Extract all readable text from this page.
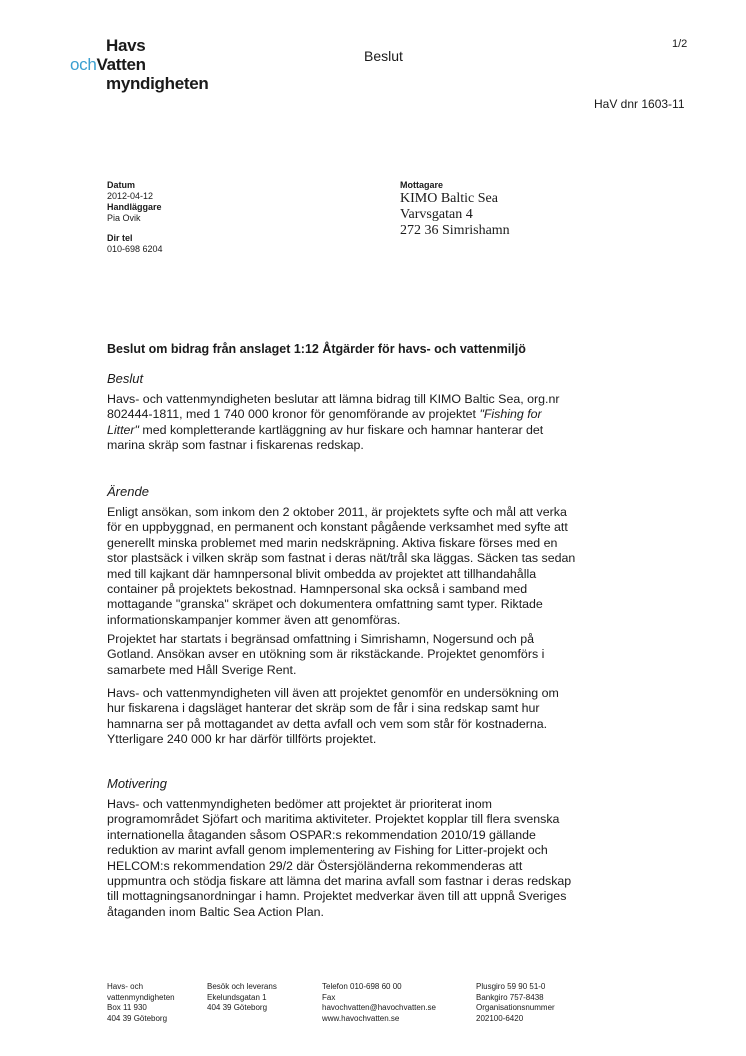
Havs
ochVatten
myndigheten
Beslut
1/2
HaV dnr 1603-11
Datum
2012-04-12
Handläggare
Pia Ovik
Dir tel
010-698 6204
Mottagare
KIMO Baltic Sea
Varvsgatan 4
272 36 Simrishamn
Beslut om bidrag från anslaget 1:12 Åtgärder för havs- och vattenmiljö
Beslut
Havs- och vattenmyndigheten beslutar att lämna bidrag till KIMO Baltic Sea, org.nr 802444-1811, med 1 740 000 kronor för genomförande av projektet "Fishing for Litter" med kompletterande kartläggning av hur fiskare och hamnar hanterar det marina skräp som fastnar i fiskarenas redskap.
Ärende
Enligt ansökan, som inkom den 2 oktober 2011, är projektets syfte och mål att verka för en uppbyggnad, en permanent och konstant pågående verksamhet med syfte att generellt minska problemet med marin nedskräpning. Aktiva fiskare förses med en stor plastsäck i vilken skräp som fastnat i deras nät/trål ska läggas. Säcken tas sedan med till kajkant där hamnpersonal blivit ombedda av projektet att tillhandahålla container på projektets bekostnad. Hamnpersonal ska också i samband med mottagande "granska" skräpet och dokumentera omfattning samt typer. Riktade informationskampanjer kommer även att genomföras.
Projektet har startats i begränsad omfattning i Simrishamn, Nogersund och på Gotland. Ansökan avser en utökning som är rikstäckande. Projektet genomförs i samarbete med Håll Sverige Rent.
Havs- och vattenmyndigheten vill även att projektet genomför en undersökning om hur fiskarena i dagsläget hanterar det skräp som de får i sina redskap samt hur hamnarna ser på mottagandet av detta avfall och vem som står för kostnaderna. Ytterligare 240 000 kr har därför tillförts projektet.
Motivering
Havs- och vattenmyndigheten bedömer att projektet är prioriterat inom programområdet Sjöfart och maritima aktiviteter. Projektet kopplar till flera svenska internationella åtaganden såsom OSPAR:s rekommendation 2010/19 gällande reduktion av marint avfall genom implementering av Fishing for Litter-projekt och HELCOM:s rekommendation 29/2 där Östersjöländerna rekommenderas att uppmuntra och stödja fiskare att lämna det marina avfall som fastnar i deras redskap till mottagningsanordningar i hamn. Projektet medverkar även till att uppnå Sveriges åtaganden inom Baltic Sea Action Plan.
Havs- och
vattenmyndigheten
Box 11 930
404 39 Göteborg
Besök och leverans
Ekelundsgatan 1
404 39 Göteborg
Telefon 010-698 60 00
Fax
havochvatten@havochvatten.se
www.havochvatten.se
Plusgiro 59 90 51-0
Bankgiro 757-8438
Organisationsnummer
202100-6420
